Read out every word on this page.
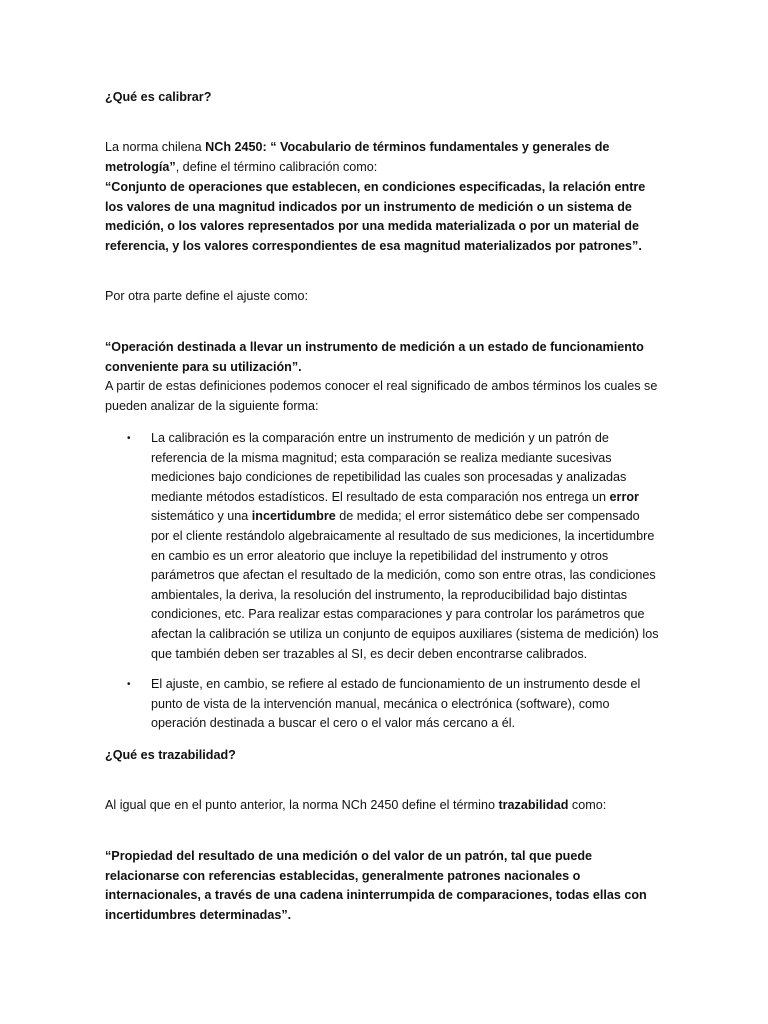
¿Qué es calibrar?

La norma chilena NCh 2450: “ Vocabulario de términos fundamentales y generales de metrología”, define el término calibración como:

“Conjunto de operaciones que establecen, en condiciones especificadas, la relación entre los valores de una magnitud indicados por un instrumento de medición o un sistema de medición, o los valores representados por una medida materializada o por un material de referencia, y los valores correspondientes de esa magnitud materializados por patrones”.

Por otra parte define el ajuste como:

“Operación destinada a llevar un instrumento de medición a un estado de funcionamiento conveniente para su utilización”.

A partir de estas definiciones podemos conocer el real significado de ambos términos los cuales se pueden analizar de la siguiente forma:

• La calibración es la comparación entre un instrumento de medición y un patrón de referencia de la misma magnitud; esta comparación se realiza mediante sucesivas mediciones bajo condiciones de repetibilidad las cuales son procesadas y analizadas mediante métodos estadísticos. El resultado de esta comparación nos entrega un error sistemático y una incertidumbre de medida; el error sistemático debe ser compensado por el cliente restándolo algebraicamente al resultado de sus mediciones, la incertidumbre en cambio es un error aleatorio que incluye la repetibilidad del instrumento y otros parámetros que afectan el resultado de la medición, como son entre otras, las condiciones ambientales, la deriva, la resolución del instrumento, la reproducibilidad bajo distintas condiciones, etc. Para realizar estas comparaciones y para controlar los parámetros que afectan la calibración se utiliza un conjunto de equipos auxiliares (sistema de medición) los que también deben ser trazables al SI, es decir deben encontrarse calibrados.

• El ajuste, en cambio, se refiere al estado de funcionamiento de un instrumento desde el punto de vista de la intervención manual, mecánica o electrónica (software), como operación destinada a buscar el cero o el valor más cercano a él.

¿Qué es trazabilidad?

Al igual que en el punto anterior, la norma NCh 2450 define el término trazabilidad como:

“Propiedad del resultado de una medición o del valor de un patrón, tal que puede relacionarse con referencias establecidas, generalmente patrones nacionales o internacionales, a través de una cadena ininterrumpida de comparaciones, todas ellas con incertidumbres determinadas”.
